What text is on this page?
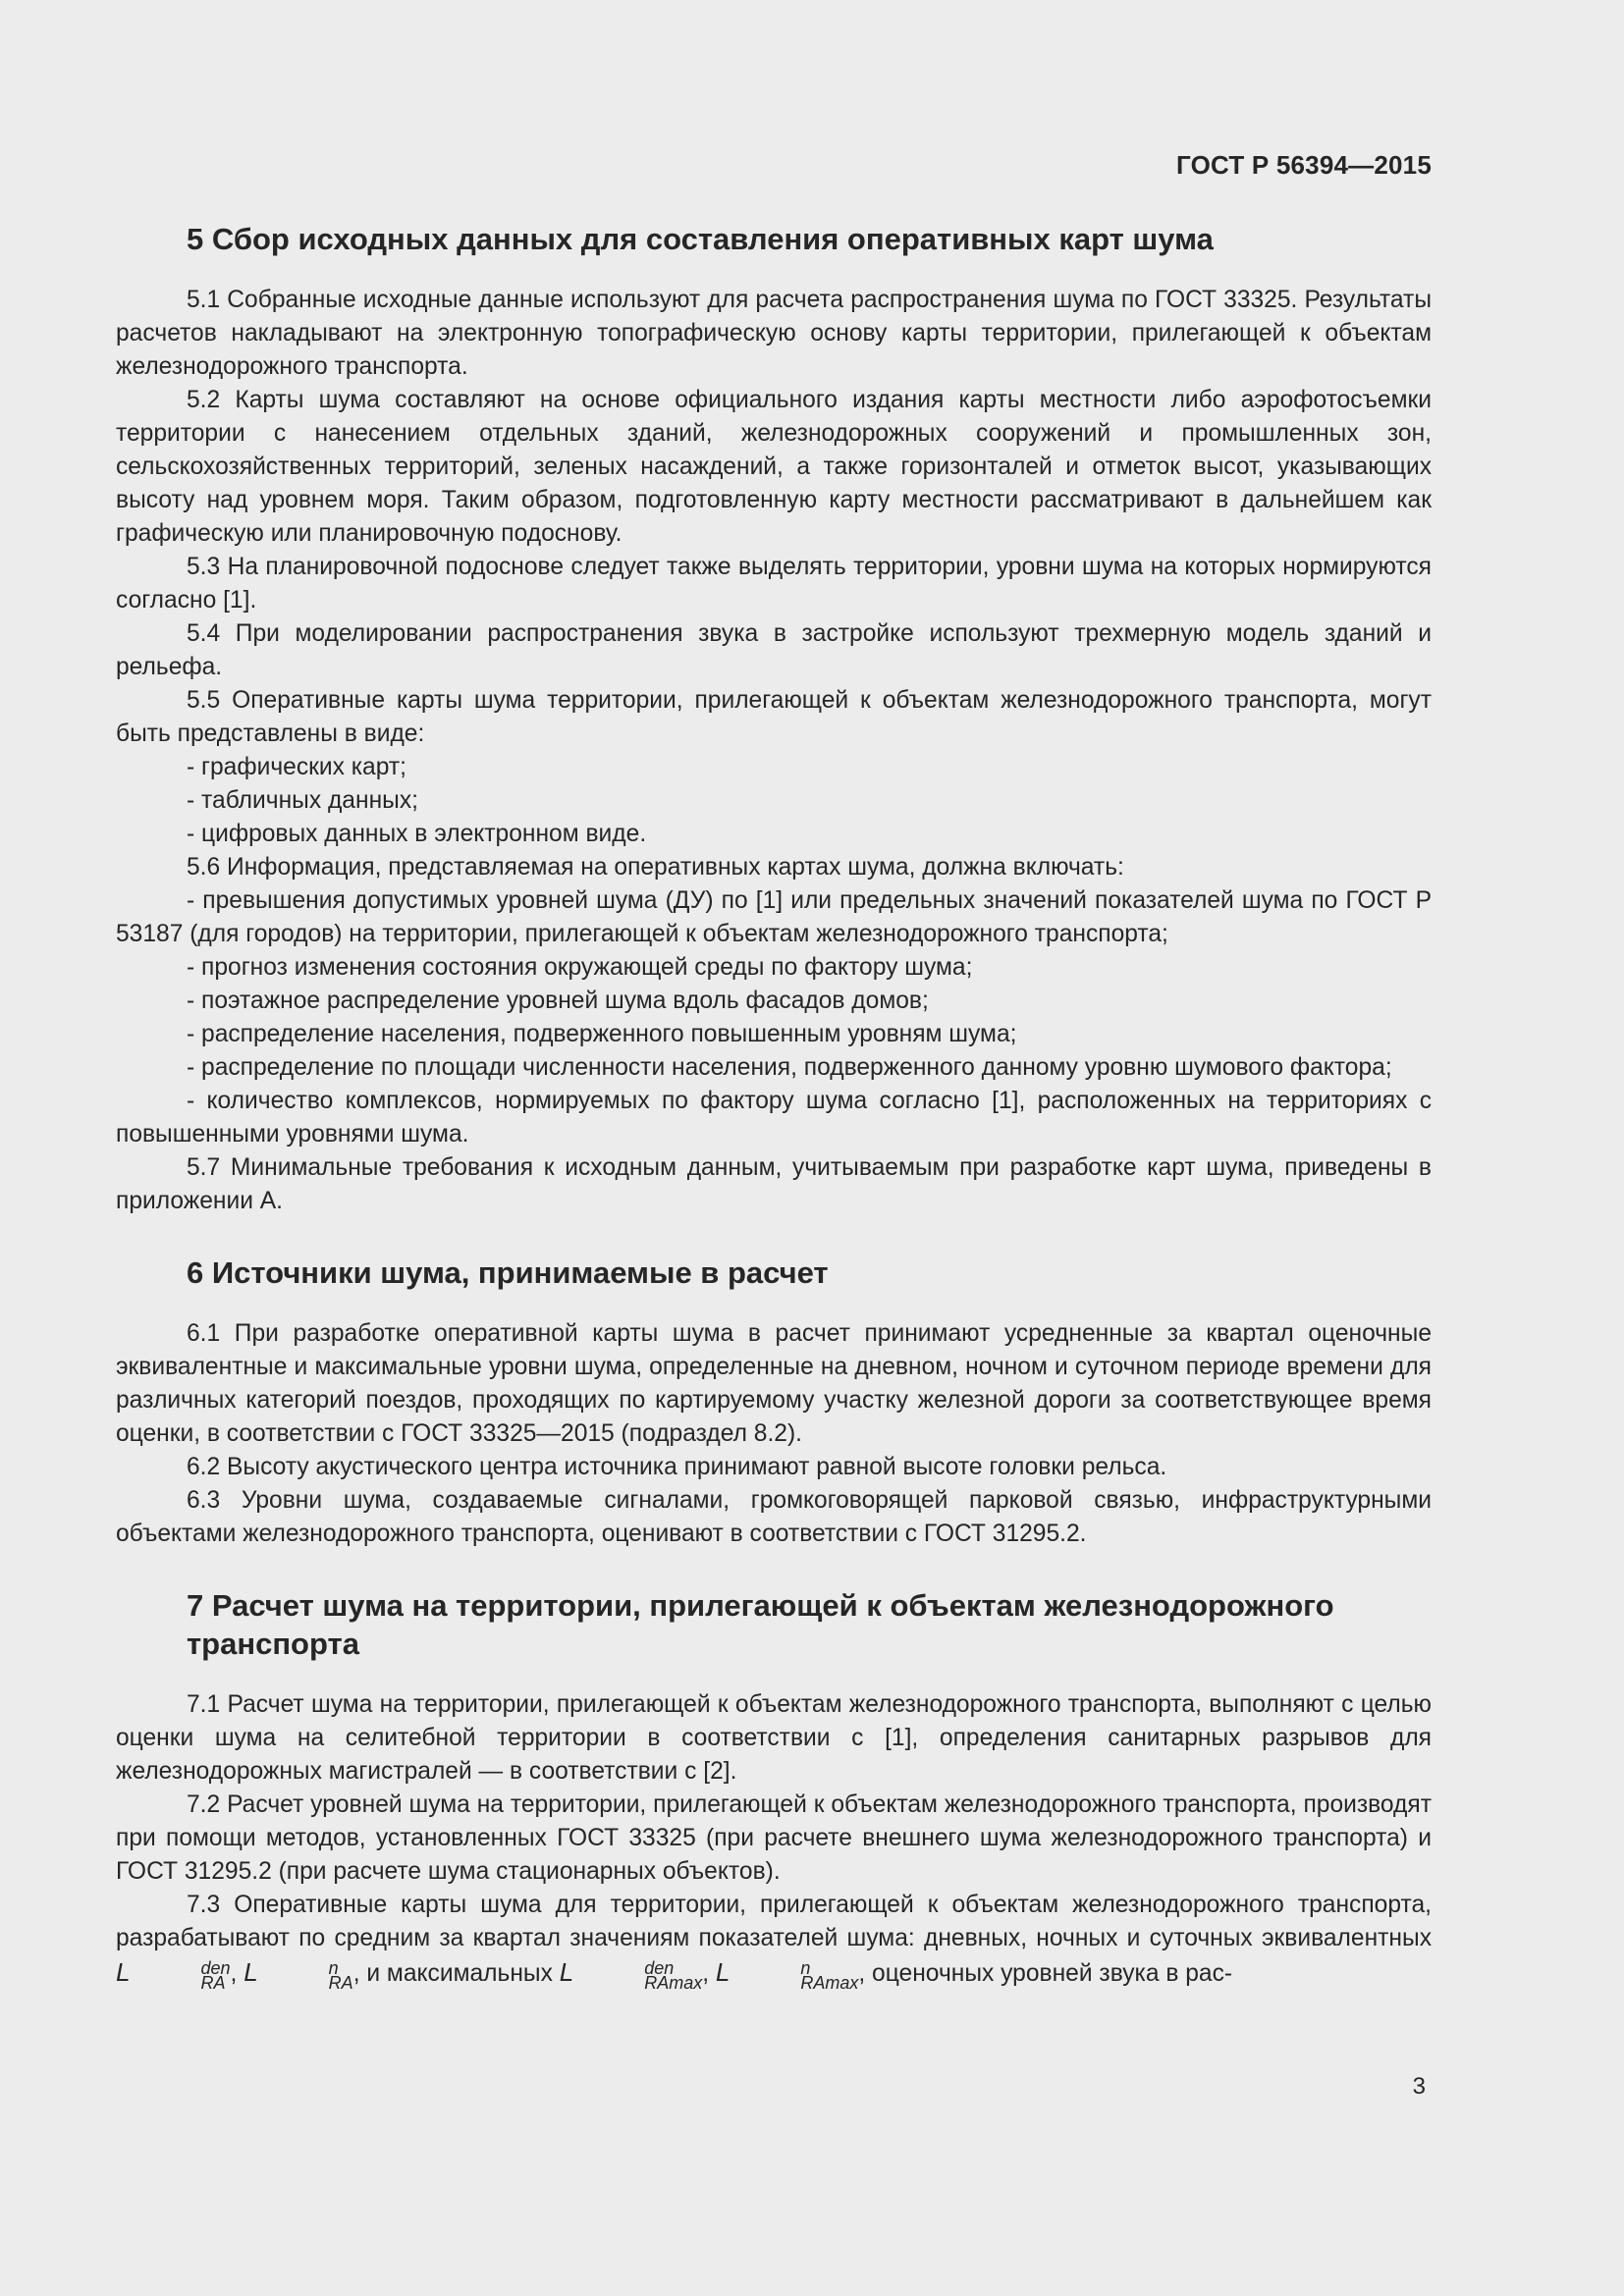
ГОСТ Р 56394—2015
5 Сбор исходных данных для составления оперативных карт шума

5.1 Собранные исходные данные используют для расчета распространения шума по ГОСТ 33325. Результаты расчетов накладывают на электронную топографическую основу карты территории, прилегающей к объектам железнодорожного транспорта.

5.2 Карты шума составляют на основе официального издания карты местности либо аэрофотосъемки территории с нанесением отдельных зданий, железнодорожных сооружений и промышленных зон, сельскохозяйственных территорий, зеленых насаждений, а также горизонталей и отметок высот, указывающих высоту над уровнем моря. Таким образом, подготовленную карту местности рассматривают в дальнейшем как графическую или планировочную подоснову.

5.3 На планировочной подоснове следует также выделять территории, уровни шума на которых нормируются согласно [1].

5.4 При моделировании распространения звука в застройке используют трехмерную модель зданий и рельефа.

5.5 Оперативные карты шума территории, прилегающей к объектам железнодорожного транспорта, могут быть представлены в виде:

- графических карт;

- табличных данных;

- цифровых данных в электронном виде.

5.6 Информация, представляемая на оперативных картах шума, должна включать:

- превышения допустимых уровней шума (ДУ) по [1] или предельных значений показателей шума по ГОСТ Р 53187 (для городов) на территории, прилегающей к объектам железнодорожного транспорта;

- прогноз изменения состояния окружающей среды по фактору шума;

- поэтажное распределение уровней шума вдоль фасадов домов;

- распределение населения, подверженного повышенным уровням шума;

- распределение по площади численности населения, подверженного данному уровню шумового фактора;

- количество комплексов, нормируемых по фактору шума согласно [1], расположенных на территориях с повышенными уровнями шума.

5.7 Минимальные требования к исходным данным, учитываемым при разработке карт шума, приведены в приложении А.

6 Источники шума, принимаемые в расчет

6.1 При разработке оперативной карты шума в расчет принимают усредненные за квартал оценочные эквивалентные и максимальные уровни шума, определенные на дневном, ночном и суточном периоде времени для различных категорий поездов, проходящих по картируемому участку железной дороги за соответствующее время оценки, в соответствии с ГОСТ 33325—2015 (подраздел 8.2).

6.2 Высоту акустического центра источника принимают равной высоте головки рельса.

6.3 Уровни шума, создаваемые сигналами, громкоговорящей парковой связью, инфраструктурными объектами железнодорожного транспорта, оценивают в соответствии с ГОСТ 31295.2.

7 Расчет шума на территории, прилегающей к объектам железнодорожного транспорта

7.1 Расчет шума на территории, прилегающей к объектам железнодорожного транспорта, выполняют с целью оценки шума на селитебной территории в соответствии с [1], определения санитарных разрывов для железнодорожных магистралей — в соответствии с [2].

7.2 Расчет уровней шума на территории, прилегающей к объектам железнодорожного транспорта, производят при помощи методов, установленных ГОСТ 33325 (при расчете внешнего шума железнодорожного транспорта) и ГОСТ 31295.2 (при расчете шума стационарных объектов).

7.3 Оперативные карты шума для территории, прилегающей к объектам железнодорожного транспорта, разрабатывают по средним за квартал значениям показателей шума: дневных, ночных и суточных эквивалентных L	den
RA , L	n
RA , и максимальных L	den
RAmax , L	n
RAmax , оценочных уровней звука в рас-

3
